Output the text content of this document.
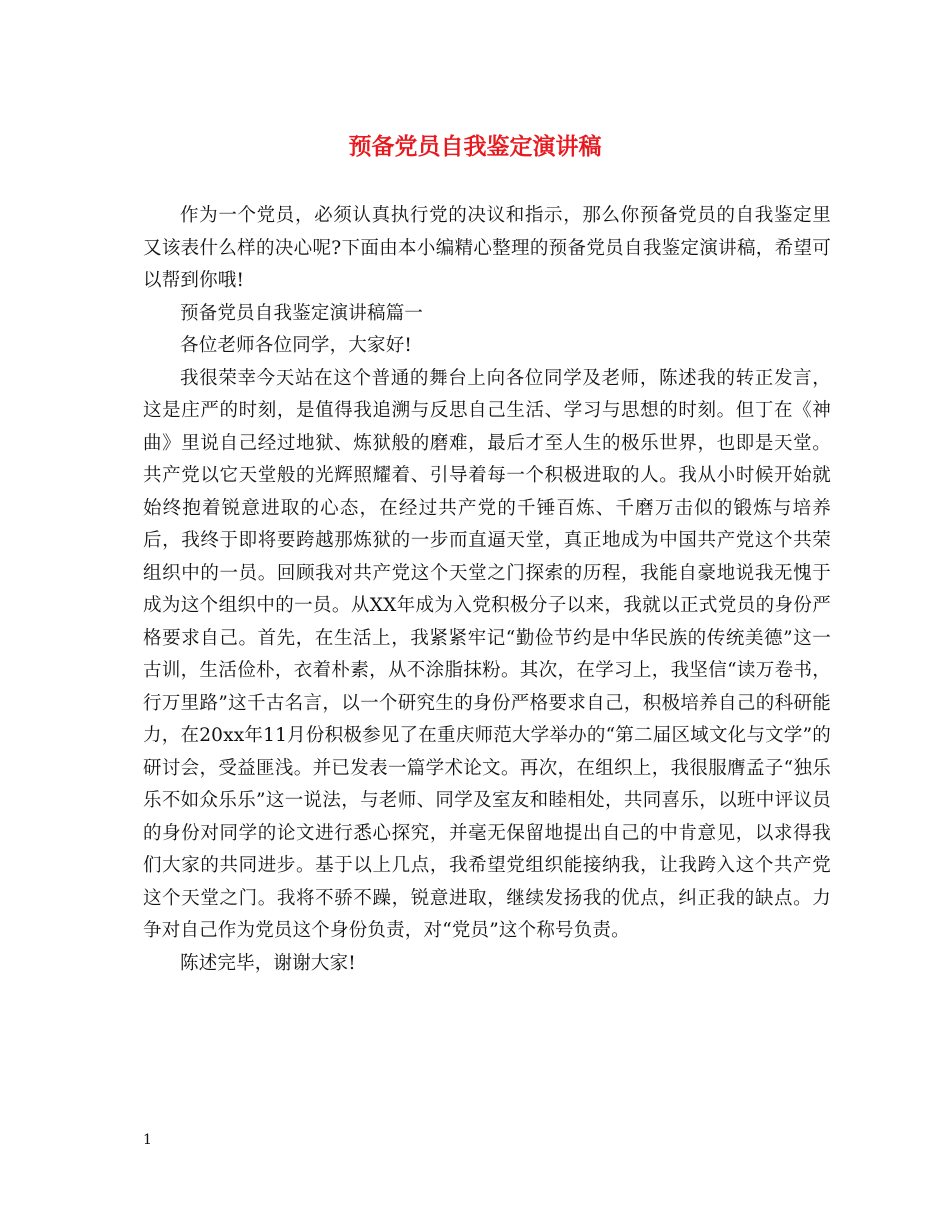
预备党员自我鉴定演讲稿

作为一个党员，必须认真执行党的决议和指示，那么你预备党员的自我鉴定里又该表什么样的决心呢?下面由本小编精心整理的预备党员自我鉴定演讲稿，希望可以帮到你哦!

预备党员自我鉴定演讲稿篇一

各位老师各位同学，大家好!

我很荣幸今天站在这个普通的舞台上向各位同学及老师，陈述我的转正发言，这是庄严的时刻，是值得我追溯与反思自己生活、学习与思想的时刻。但丁在《神曲》里说自己经过地狱、炼狱般的磨难，最后才至人生的极乐世界，也即是天堂。共产党以它天堂般的光辉照耀着、引导着每一个积极进取的人。我从小时候开始就始终抱着锐意进取的心态，在经过共产党的千锤百炼、千磨万击似的锻炼与培养后，我终于即将要跨越那炼狱的一步而直逼天堂，真正地成为中国共产党这个共荣组织中的一员。回顾我对共产党这个天堂之门探索的历程，我能自豪地说我无愧于成为这个组织中的一员。从XX年成为入党积极分子以来，我就以正式党员的身份严格要求自己。首先，在生活上，我紧紧牢记“勤俭节约是中华民族的传统美德”这一古训，生活俭朴，衣着朴素，从不涂脂抹粉。其次，在学习上，我坚信“读万卷书，行万里路”这千古名言，以一个研究生的身份严格要求自己，积极培养自己的科研能力，在20xx年11月份积极参见了在重庆师范大学举办的“第二届区域文化与文学”的研讨会，受益匪浅。并已发表一篇学术论文。再次，在组织上，我很服膺孟子“独乐乐不如众乐乐”这一说法，与老师、同学及室友和睦相处，共同喜乐，以班中评议员的身份对同学的论文进行悉心探究，并毫无保留地提出自己的中肯意见，以求得我们大家的共同进步。基于以上几点，我希望党组织能接纳我，让我跨入这个共产党这个天堂之门。我将不骄不躁，锐意进取，继续发扬我的优点，纠正我的缺点。力争对自己作为党员这个身份负责，对“党员”这个称号负责。

陈述完毕，谢谢大家!

1
